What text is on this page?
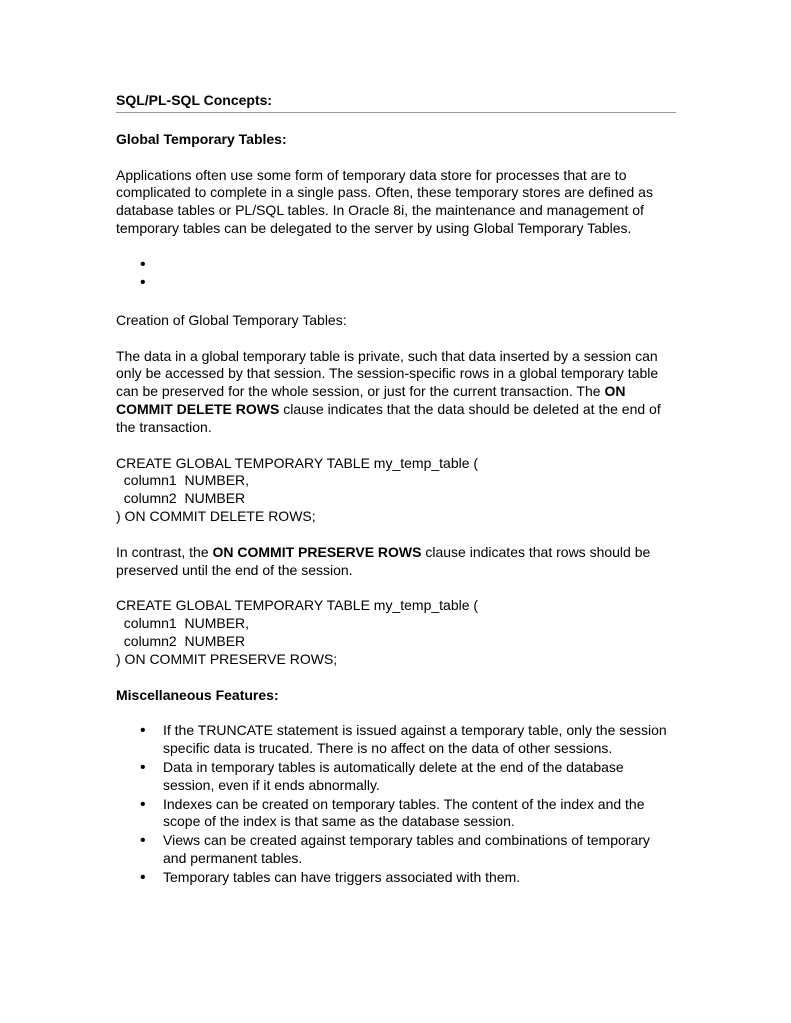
SQL/PL-SQL Concepts:

Global Temporary Tables:

Applications often use some form of temporary data store for processes that are to complicated to complete in a single pass. Often, these temporary stores are defined as database tables or PL/SQL tables. In Oracle 8i, the maintenance and management of temporary tables can be delegated to the server by using Global Temporary Tables.

•
•

Creation of Global Temporary Tables:

The data in a global temporary table is private, such that data inserted by a session can only be accessed by that session. The session-specific rows in a global temporary table can be preserved for the whole session, or just for the current transaction. The ON COMMIT DELETE ROWS clause indicates that the data should be deleted at the end of the transaction.

CREATE GLOBAL TEMPORARY TABLE my_temp_table (
column1  NUMBER,
column2  NUMBER
) ON COMMIT DELETE ROWS;

In contrast, the ON COMMIT PRESERVE ROWS clause indicates that rows should be preserved until the end of the session.

CREATE GLOBAL TEMPORARY TABLE my_temp_table (
column1  NUMBER,
column2  NUMBER
) ON COMMIT PRESERVE ROWS;

Miscellaneous Features:

• If the TRUNCATE statement is issued against a temporary table, only the session specific data is trucated. There is no affect on the data of other sessions.
• Data in temporary tables is automatically delete at the end of the database session, even if it ends abnormally.
• Indexes can be created on temporary tables. The content of the index and the scope of the index is that same as the database session.
• Views can be created against temporary tables and combinations of temporary and permanent tables.
• Temporary tables can have triggers associated with them.
